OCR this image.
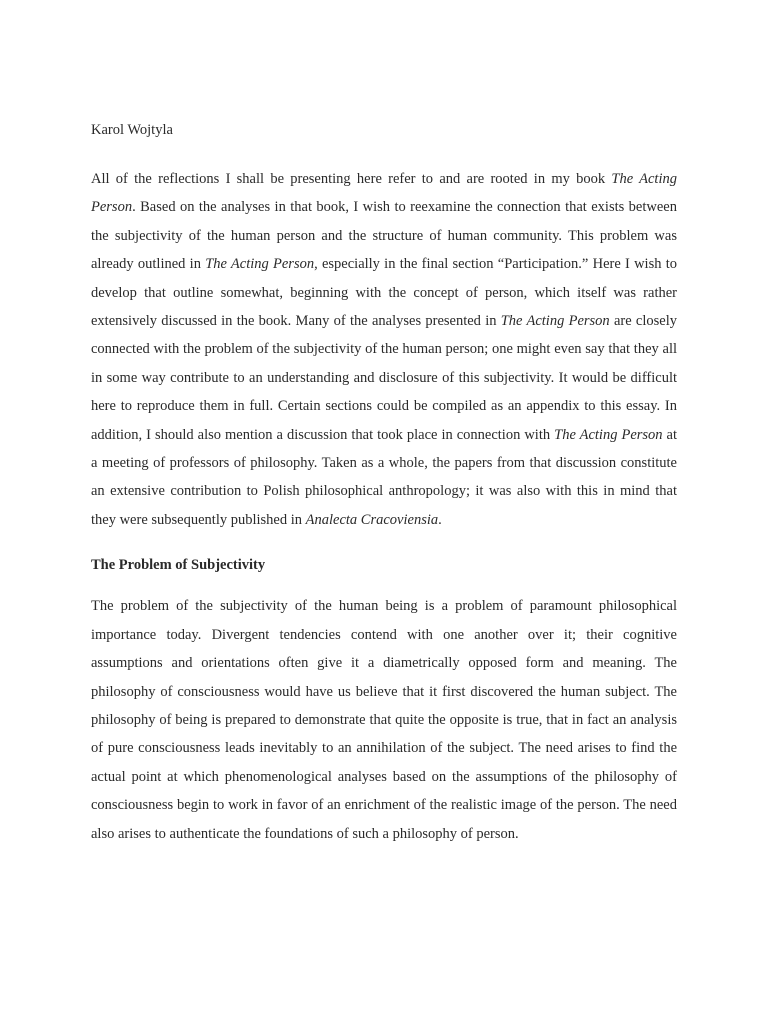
Karol Wojtyla

All of the reflections I shall be presenting here refer to and are rooted in my book The Acting Person. Based on the analyses in that book, I wish to reexamine the connection that exists between the subjectivity of the human person and the structure of human community. This problem was already outlined in The Acting Person, especially in the final section “Participation.” Here I wish to develop that outline somewhat, beginning with the concept of person, which itself was rather extensively discussed in the book. Many of the analyses presented in The Acting Person are closely connected with the problem of the subjectivity of the human person; one might even say that they all in some way contribute to an understanding and disclosure of this subjectivity. It would be difficult here to reproduce them in full. Certain sections could be compiled as an appendix to this essay. In addition, I should also mention a discussion that took place in connection with The Acting Person at a meeting of professors of philosophy. Taken as a whole, the papers from that discussion constitute an extensive contribution to Polish philosophical anthropology; it was also with this in mind that they were subsequently published in Analecta Cracoviensia.

The Problem of Subjectivity

The problem of the subjectivity of the human being is a problem of paramount philosophical importance today. Divergent tendencies contend with one another over it; their cognitive assumptions and orientations often give it a diametrically opposed form and meaning. The philosophy of consciousness would have us believe that it first discovered the human subject. The philosophy of being is prepared to demonstrate that quite the opposite is true, that in fact an analysis of pure consciousness leads inevitably to an annihilation of the subject. The need arises to find the actual point at which phenomenological analyses based on the assumptions of the philosophy of consciousness begin to work in favor of an enrichment of the realistic image of the person. The need also arises to authenticate the foundations of such a philosophy of person.
